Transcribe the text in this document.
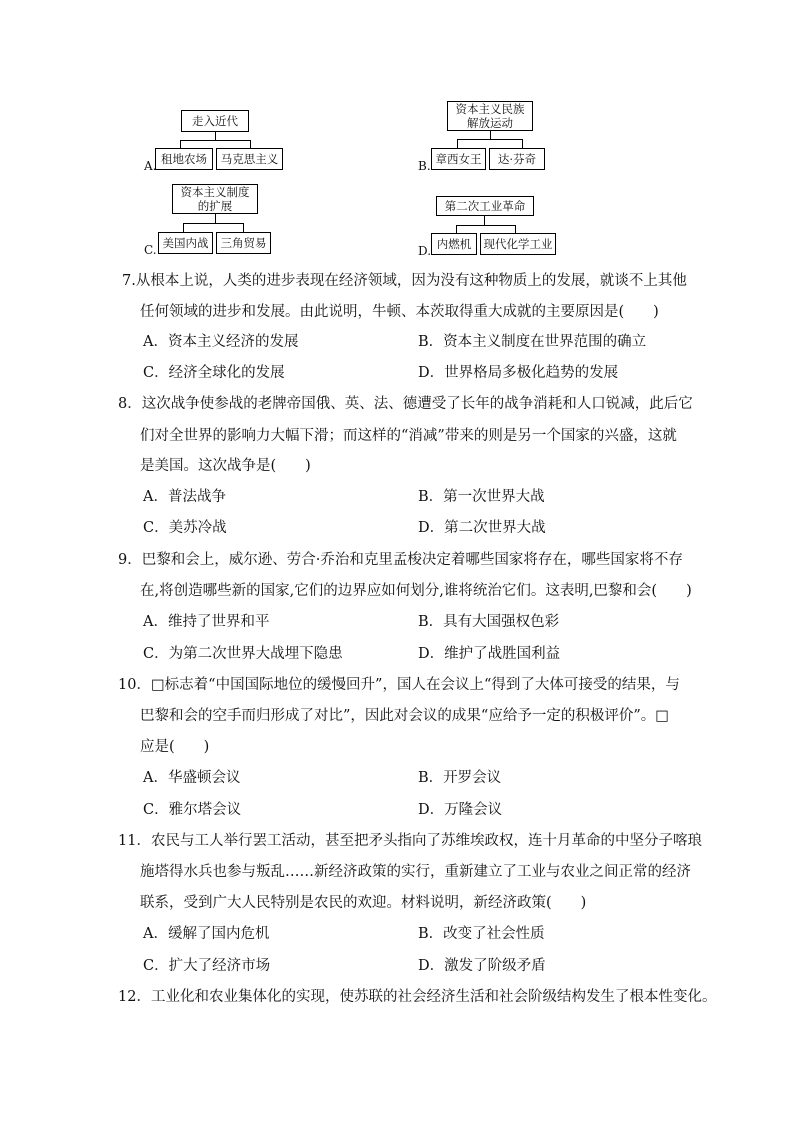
走入近代
租地农场	马克思主义
A.
资本主义民族
解放运动
章西女王	达·芬奇
B.
资本主义制度
的扩展
美国内战	三角贸易
C.
第二次工业革命
内燃机	现代化学工业
D.
7.从根本上说，人类的进步表现在经济领域，因为没有这种物质上的发展，就谈不上其他
任何领域的进步和发展。由此说明，牛顿、本茨取得重大成就的主要原因是(　　)
A．资本主义经济的发展	B．资本主义制度在世界范围的确立
C．经济全球化的发展	D．世界格局多极化趋势的发展
8．这次战争使参战的老牌帝国俄、英、法、德遭受了长年的战争消耗和人口锐减，此后它
们对全世界的影响力大幅下滑；而这样的“消减”带来的则是另一个国家的兴盛，这就
是美国。这次战争是(　　)
A．普法战争	B．第一次世界大战
C．美苏冷战	D．第二次世界大战
9．巴黎和会上，威尔逊、劳合·乔治和克里孟梭决定着哪些国家将存在，哪些国家将不存
在,将创造哪些新的国家,它们的边界应如何划分,谁将统治它们。这表明,巴黎和会(　　)
A．维持了世界和平	B．具有大国强权色彩
C．为第二次世界大战埋下隐患	D．维护了战胜国利益
10．□标志着“中国国际地位的缓慢回升”，国人在会议上“得到了大体可接受的结果，与
巴黎和会的空手而归形成了对比”，因此对会议的成果“应给予一定的积极评价”。□
应是(　　)
A．华盛顿会议	B．开罗会议
C．雅尔塔会议	D．万隆会议
11．农民与工人举行罢工活动，甚至把矛头指向了苏维埃政权，连十月革命的中坚分子喀琅
施塔得水兵也参与叛乱……新经济政策的实行，重新建立了工业与农业之间正常的经济
联系，受到广大人民特别是农民的欢迎。材料说明，新经济政策(　　)
A．缓解了国内危机	B．改变了社会性质
C．扩大了经济市场	D．激发了阶级矛盾
12．工业化和农业集体化的实现，使苏联的社会经济生活和社会阶级结构发生了根本性变化。
